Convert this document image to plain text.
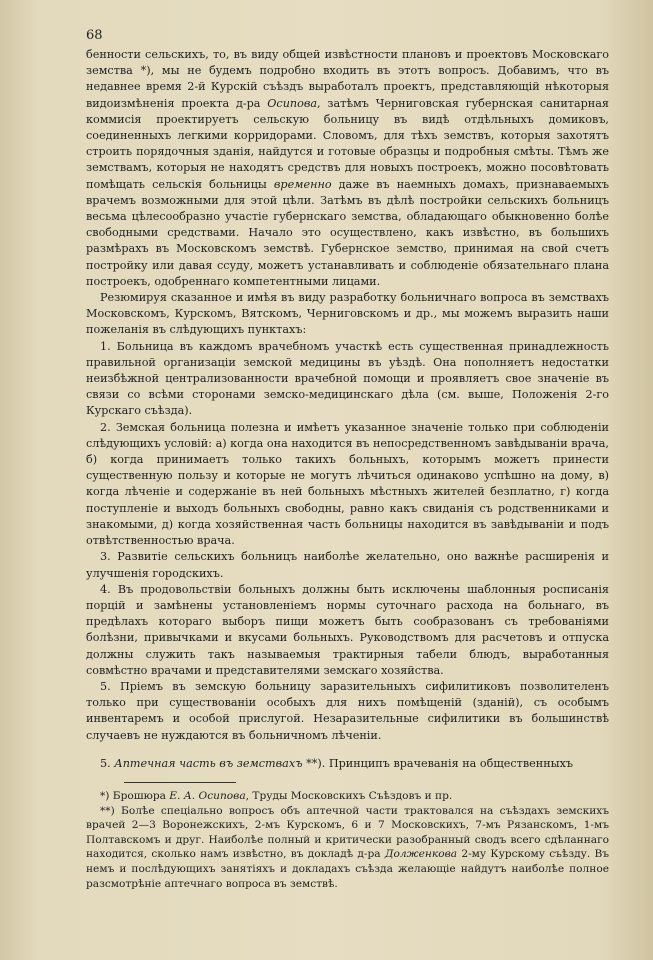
68

бенности сельскихъ, то, въ виду общей извѣстности плановъ и проектовъ Московскаго земства *), мы не будемъ подробно входить въ этотъ вопросъ. Добавимъ, что въ недавнее время 2-й Курскій съѣздъ выработалъ проектъ, представляющій нѣкоторыя видоизмѣненія проекта д-ра Осипова, затѣмъ Черниговская губернская санитарная коммисія проектируетъ сельскую больницу въ видѣ отдѣльныхъ домиковъ, соединенныхъ легкими корридорами. Словомъ, для тѣхъ земствъ, которыя захотятъ строить порядочныя зданія, найдутся и готовые образцы и подробныя смѣты. Тѣмъ же земствамъ, которыя не находятъ средствъ для новыхъ построекъ, можно посовѣтовать помѣщать сельскія больницы временно даже въ наемныхъ домахъ, признаваемыхъ врачемъ возможными для этой цѣли. Затѣмъ въ дѣлѣ постройки сельскихъ больницъ весьма цѣлесообразно участіе губернскаго земства, обладающаго обыкновенно болѣе свободными средствами. Начало это осуществлено, какъ извѣстно, въ большихъ размѣрахъ въ Московскомъ земствѣ. Губернское земство, принимая на свой счетъ постройку или давая ссуду, можетъ устанавливать и соблюденіе обязательнаго плана построекъ, одобреннаго компетентными лицами.

Резюмируя сказанное и имѣя въ виду разработку больничнаго вопроса въ земствахъ Московскомъ, Курскомъ, Вятскомъ, Черниговскомъ и др., мы можемъ выразить наши пожеланія въ слѣдующихъ пунктахъ:

1. Больница въ каждомъ врачебномъ участкѣ есть существенная принадлежность правильной организаціи земской медицины въ уѣздѣ. Она пополняетъ недостатки неизбѣжной централизованности врачебной помощи и проявляетъ свое значеніе въ связи со всѣми сторонами земско-медицинскаго дѣла (см. выше, Положенія 2-го Курскаго съѣзда).

2. Земская больница полезна и имѣетъ указанное значеніе только при соблюденіи слѣдующихъ условій: а) когда она находится въ непосредственномъ завѣдываніи врача, б) когда принимаетъ только такихъ больныхъ, которымъ можетъ принести существенную пользу и которые не могутъ лѣчиться одинаково успѣшно на дому, в) когда лѣченіе и содержаніе въ ней больныхъ мѣстныхъ жителей безплатно, г) когда поступленіе и выходъ больныхъ свободны, равно какъ свиданія съ родственниками и знакомыми, д) когда хозяйственная часть больницы находится въ завѣдываніи и подъ отвѣтственностью врача.

3. Развитіе сельскихъ больницъ наиболѣе желательно, оно важнѣе расширенія и улучшенія городскихъ.

4. Въ продовольствіи больныхъ должны быть исключены шаблонныя росписанія порцій и замѣнены установленіемъ нормы суточнаго расхода на больнаго, въ предѣлахъ котораго выборъ пищи можетъ быть сообразованъ съ требованіями болѣзни, привычками и вкусами больныхъ. Руководствомъ для расчетовъ и отпуска должны служить такъ называемыя трактирныя табели блюдъ, выработанныя совмѣстно врачами и представителями земскаго хозяйства.

5. Пріемъ въ земскую больницу заразительныхъ сифилитиковъ позволителенъ только при существованіи особыхъ для нихъ помѣщеній (зданій), съ особымъ инвентаремъ и особой прислугой. Незаразительные сифилитики въ большинствѣ случаевъ не нуждаются въ больничномъ лѣченіи.

5. Аптечная часть въ земствахъ **). Принципъ врачеванія на общественныхъ

*) Брошюра Е. А. Осипова, Труды Московскихъ Съѣздовъ и пр.

**) Болѣе спеціально вопросъ объ аптечной части трактовался на съѣздахъ земскихъ врачей 2—3 Воронежскихъ, 2-мъ Курскомъ, 6 и 7 Московскихъ, 7-мъ Рязанскомъ, 1-мъ Полтавскомъ и друг. Наиболѣе полный и критически разобранный сводъ всего сдѣланнаго находится, сколько намъ извѣстно, въ докладѣ д-ра Долженкова 2-му Курскому съѣзду. Въ немъ и послѣдующихъ занятіяхъ и докладахъ съѣзда желающіе найдутъ наиболѣе полное разсмотрѣніе аптечнаго вопроса въ земствѣ.
